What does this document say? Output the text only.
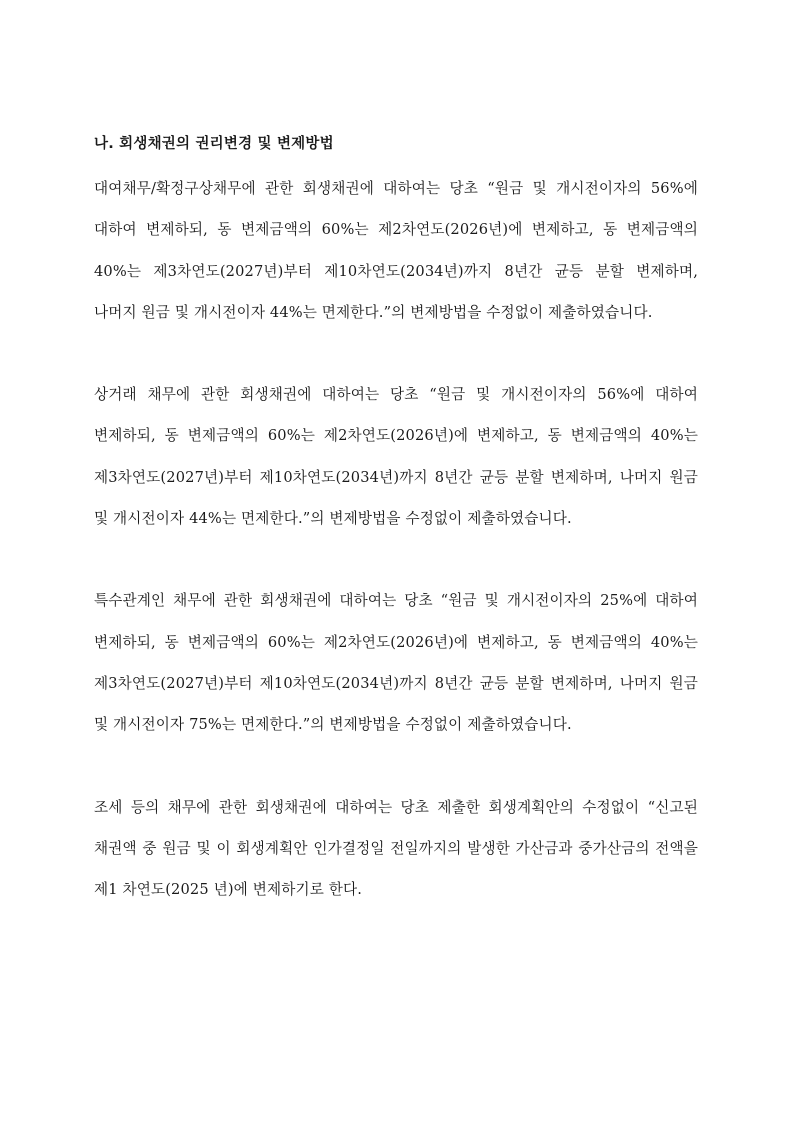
나. 회생채권의 권리변경 및 변제방법

대여채무/확정구상채무에 관한 회생채권에 대하여는 당초 “원금 및 개시전이자의 56%에 대하여 변제하되, 동 변제금액의 60%는 제2차연도(2026년)에 변제하고, 동 변제금액의 40%는 제3차연도(2027년)부터 제10차연도(2034년)까지 8년간 균등 분할 변제하며, 나머지 원금 및 개시전이자 44%는 면제한다.”의 변제방법을 수정없이 제출하였습니다.

상거래 채무에 관한 회생채권에 대하여는 당초 “원금 및 개시전이자의 56%에 대하여 변제하되, 동 변제금액의 60%는 제2차연도(2026년)에 변제하고, 동 변제금액의 40%는 제3차연도(2027년)부터 제10차연도(2034년)까지 8년간 균등 분할 변제하며, 나머지 원금 및 개시전이자 44%는 면제한다.”의 변제방법을 수정없이 제출하였습니다.

특수관계인 채무에 관한 회생채권에 대하여는 당초 “원금 및 개시전이자의 25%에 대하여 변제하되, 동 변제금액의 60%는 제2차연도(2026년)에 변제하고, 동 변제금액의 40%는 제3차연도(2027년)부터 제10차연도(2034년)까지 8년간 균등 분할 변제하며, 나머지 원금 및 개시전이자 75%는 면제한다.”의 변제방법을 수정없이 제출하였습니다.

조세 등의 채무에 관한 회생채권에 대하여는 당초 제출한 회생계획안의 수정없이 “신고된 채권액 중 원금 및 이 회생계획안 인가결정일 전일까지의 발생한 가산금과 중가산금의 전액을 제1 차연도(2025 년)에 변제하기로 한다.
